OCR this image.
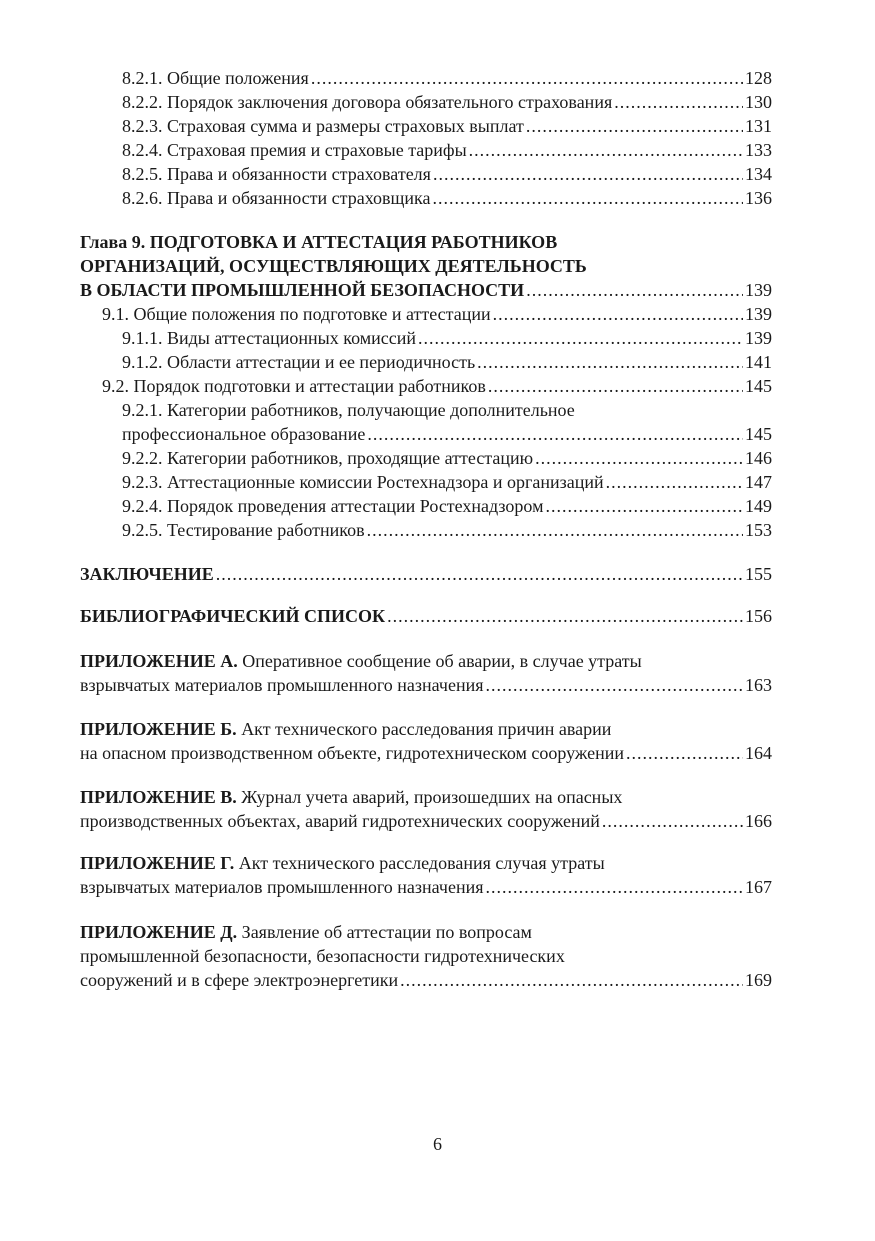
8.2.1. Общие положения .....	128
8.2.2. Порядок заключения договора обязательного страхования .....	130
8.2.3. Страховая сумма и размеры страховых выплат .....	131
8.2.4. Страховая премия и страховые тарифы .....	133
8.2.5. Права и обязанности страхователя .....	134
8.2.6. Права и обязанности страховщика .....	136
Глава 9. ПОДГОТОВКА И АТТЕСТАЦИЯ РАБОТНИКОВ
ОРГАНИЗАЦИЙ, ОСУЩЕСТВЛЯЮЩИХ ДЕЯТЕЛЬНОСТЬ
В ОБЛАСТИ ПРОМЫШЛЕННОЙ БЕЗОПАСНОСТИ .....	139
9.1. Общие положения по подготовке и аттестации .....	139
9.1.1. Виды аттестационных комиссий .....	139
9.1.2. Области аттестации и ее периодичность .....	141
9.2. Порядок подготовки и аттестации работников .....	145
9.2.1. Категории работников, получающие дополнительное
профессиональное образование .....	145
9.2.2. Категории работников, проходящие аттестацию .....	146
9.2.3. Аттестационные комиссии Ростехнадзора и организаций .....	147
9.2.4. Порядок проведения аттестации Ростехнадзором .....	149
9.2.5. Тестирование работников .....	153
ЗАКЛЮЧЕНИЕ .....	155
БИБЛИОГРАФИЧЕСКИЙ СПИСОК .....	156
ПРИЛОЖЕНИЕ А. Оперативное сообщение об аварии, в случае утраты
взрывчатых материалов промышленного назначения .....	163
ПРИЛОЖЕНИЕ Б. Акт технического расследования причин аварии
на опасном производственном объекте, гидротехническом сооружении .....	164
ПРИЛОЖЕНИЕ В. Журнал учета аварий, произошедших на опасных
производственных объектах, аварий гидротехнических сооружений .....	166
ПРИЛОЖЕНИЕ Г. Акт технического расследования случая утраты
взрывчатых материалов промышленного назначения .....	167
ПРИЛОЖЕНИЕ Д. Заявление об аттестации по вопросам
промышленной безопасности, безопасности гидротехнических
сооружений и в сфере электроэнергетики .....	169
6
